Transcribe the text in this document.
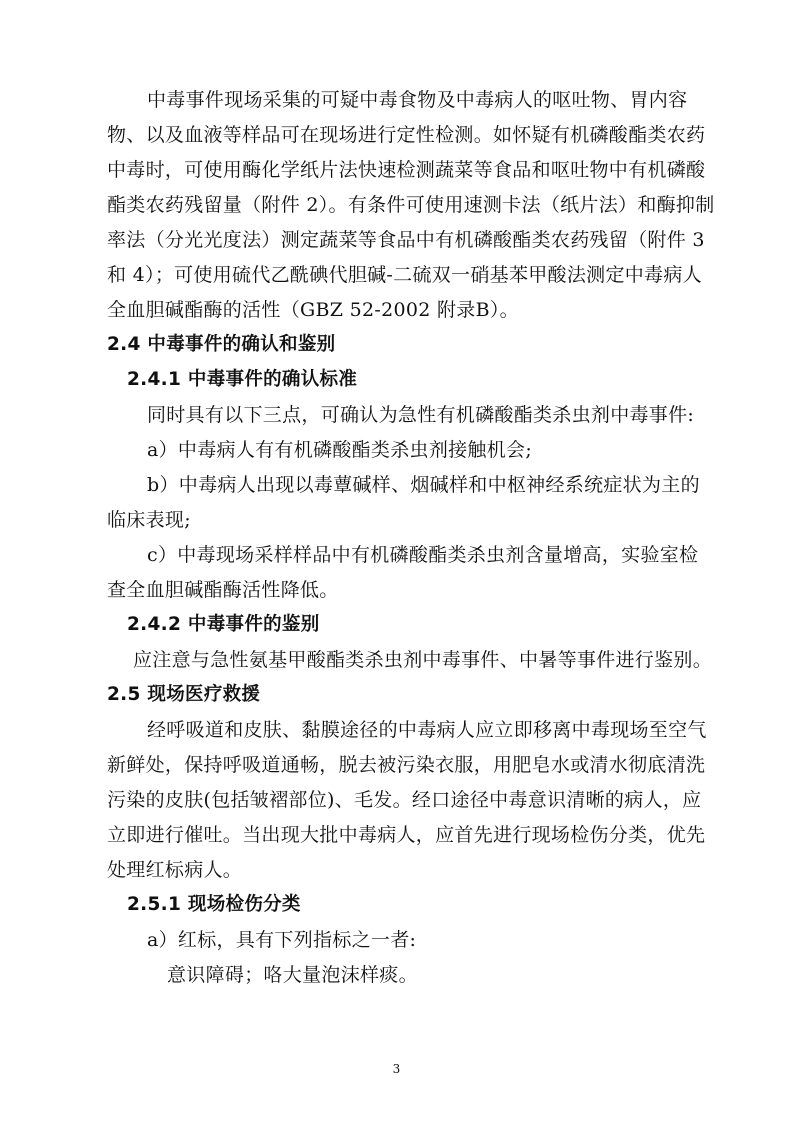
中毒事件现场采集的可疑中毒食物及中毒病人的呕吐物、胃内容
物、以及血液等样品可在现场进行定性检测。如怀疑有机磷酸酯类农药
中毒时，可使用酶化学纸片法快速检测蔬菜等食品和呕吐物中有机磷酸
酯类农药残留量（附件 2）。有条件可使用速测卡法（纸片法）和酶抑制
率法（分光光度法）测定蔬菜等食品中有机磷酸酯类农药残留（附件 3
和 4）；可使用硫代乙酰碘代胆碱-二硫双一硝基苯甲酸法测定中毒病人
全血胆碱酯酶的活性（GBZ 52-2002 附录B）。
2.4 中毒事件的确认和鉴别
2.4.1 中毒事件的确认标准
同时具有以下三点，可确认为急性有机磷酸酯类杀虫剂中毒事件:
a）中毒病人有有机磷酸酯类杀虫剂接触机会;
b）中毒病人出现以毒蕈碱样、烟碱样和中枢神经系统症状为主的
临床表现;
c）中毒现场采样样品中有机磷酸酯类杀虫剂含量增高，实验室检
查全血胆碱酯酶活性降低。
2.4.2 中毒事件的鉴别
应注意与急性氨基甲酸酯类杀虫剂中毒事件、中暑等事件进行鉴别。
2.5 现场医疗救援
经呼吸道和皮肤、黏膜途径的中毒病人应立即移离中毒现场至空气
新鲜处，保持呼吸道通畅，脱去被污染衣服，用肥皂水或清水彻底清洗
污染的皮肤(包括皱褶部位)、毛发。经口途径中毒意识清晰的病人，应
立即进行催吐。当出现大批中毒病人，应首先进行现场检伤分类，优先
处理红标病人。
2.5.1 现场检伤分类
a）红标，具有下列指标之一者:
意识障碍；咯大量泡沫样痰。
3
